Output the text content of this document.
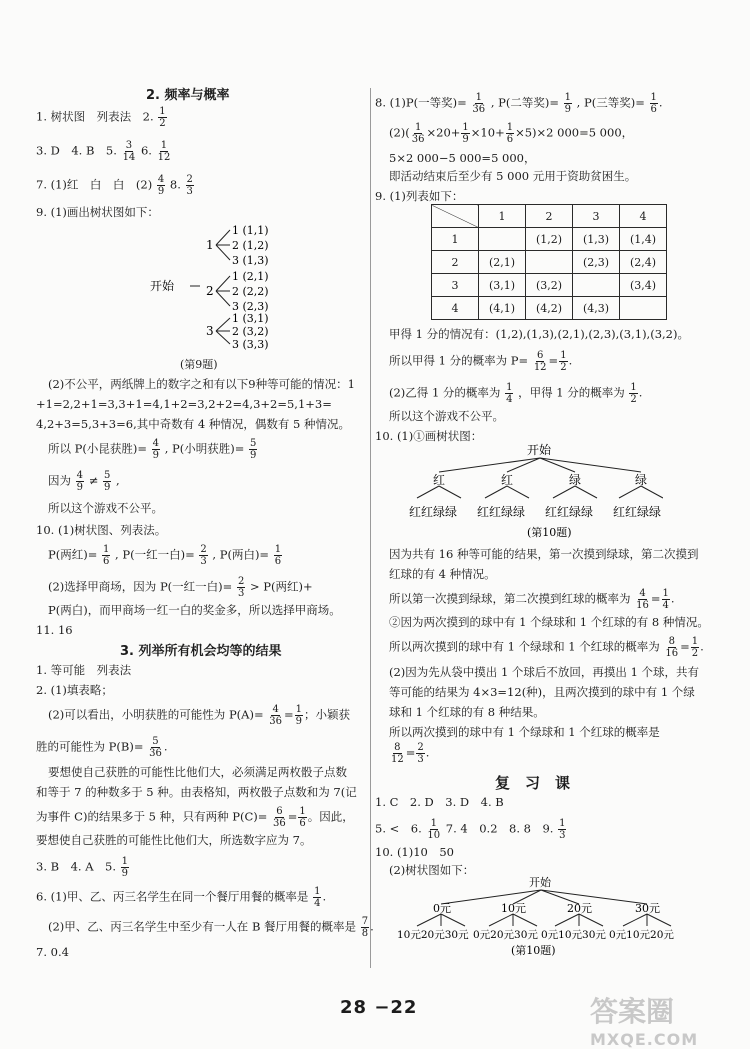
2. 频率与概率
1. 树状图　列表法　2. $\frac{1}{2}$
3. D　4. B　5. $\frac{3}{14} 6$. $\frac{1}{12}$
7. (1)红　白　白　$(2) \frac{4}{9} 8$. $\frac{2}{3}$
9. (1)画出树状图如下：
开始
1
2
3
1 (1,1)
2 (1,2)
3 (1,3)
1 (2,1)
2 (2,2)
3 (2,3)
1 (3,1)
2 (3,2)
3 (3,3)
(第9题)
(2)不公平，两纸牌上的数字之和有以下9种等可能的情况：1
+1=2,2+1=3,3+1=4,1+2=3,2+2=4,3+2=5,1+3=
4,2+3=5,3+3=6,其中奇数有 4 种情况，偶数有 5 种情况。
所以 P(小昆获胜)= $\frac{4}{9}$ , P(小明获胜)= $\frac{5}{9}$
因为 $\frac{4}{9} \ne \frac{5}{9}$ ,
所以这个游戏不公平。
10. (1)树状图、列表法。
P(两红)= $\frac{1}{6}$ , P(一红一白)= $\frac{2}{3}$ , P(两白)= $\frac{1}{6}$
(2)选择甲商场，因为 P(一红一白)= $\frac{2}{3} > P$(两红)+
P(两白)，而甲商场一红一白的奖金多，所以选择甲商场。
11. 16
3. 列举所有机会均等的结果
1. 等可能　列表法
2. (1)填表略；
(2)可以看出，小明获胜的可能性为 $P(A)= \frac{4}{36} = \frac{1}{9}$ ；小颖获
胜的可能性为 $P(B)= \frac{5}{36}$ .
要想使自己获胜的可能性比他们大，必须满足两枚骰子点数
和等于 7 的种数多于 5 种。由表格知，两枚骰子点数和为 7(记
为事件 C)的结果多于 5 种，只有两种 $P(C)= \frac{6}{36} = \frac{1}{6}$ 。因此，
要想使自己获胜的可能性比他们大，所选数字应为 7。
3. B　4. A　5. $\frac{1}{9}$
6. (1)甲、乙、丙三名学生在同一个餐厅用餐的概率是 $\frac{1}{4}$ .
(2)甲、乙、丙三名学生中至少有一人在 B 餐厅用餐的概率是 $\frac{7}{8}$ .
7. 0.4
8. (1)P(一等奖)= $\frac{1}{36}$ , P(二等奖)= $\frac{1}{9}$ , P(三等奖)= $\frac{1}{6}$ .
$(2)( \frac{1}{36} \times 20+ \frac{1}{9} \times 10+ \frac{1}{6} \times 5)\times 2$ 000=5 000，
5×2 000−5 000=5 000，
即活动结束后至少有 5 000 元用于资助贫困生。
9. (1)列表如下：
	1	2	3	4
1		(1,2)	(1,3)	(1,4)
2	(2,1)		(2,3)	(2,4)
3	(3,1)	(3,2)		(3,4)
4	(4,1)	(4,2)	(4,3)	
甲得 1 分的情况有：(1,2),(1,3),(2,1),(2,3),(3,1),(3,2)。
所以甲得 1 分的概率为 $P= \frac{6}{12} = \frac{1}{2}$ .
(2)乙得 1 分的概率为 $\frac{1}{4}$ ，甲得 1 分的概率为 $\frac{1}{2}$ .
所以这个游戏不公平。
10. (1)①画树状图：
开始
红	红	绿	绿
红红绿绿 红红绿绿 红红绿绿 红红绿绿
(第10题)
因为共有 16 种等可能的结果，第一次摸到绿球，第二次摸到
红球的有 4 种情况。
所以第一次摸到绿球，第二次摸到红球的概率为 $\frac{4}{16} = \frac{1}{4}$ .
②因为两次摸到的球中有 1 个绿球和 1 个红球的有 8 种情况。
所以两次摸到的球中有 1 个绿球和 1 个红球的概率为 $\frac{8}{16} = \frac{1}{2}$ .
(2)因为先从袋中摸出 1 个球后不放回，再摸出 1 个球，共有
等可能的结果为 4×3=12(种)，且两次摸到的球中有 1 个绿
球和 1 个红球的有 8 种结果。
所以两次摸到的球中有 1 个绿球和 1 个红球的概率是
$\frac{8}{12} = \frac{2}{3}$ .
复　习　课
1. C　2. D　3. D　4. B
5. <　6. $\frac{1}{10} 7$. 4　0.2　8. 8　9. $\frac{1}{3}$
10. (1)10　50
(2)树状图如下：
开始
0元	10元	20元	30元
10元20元30元 0元20元30元 0元10元30元 0元10元20元
(第10题)
28 −22	答案圈
MXQE.COM
